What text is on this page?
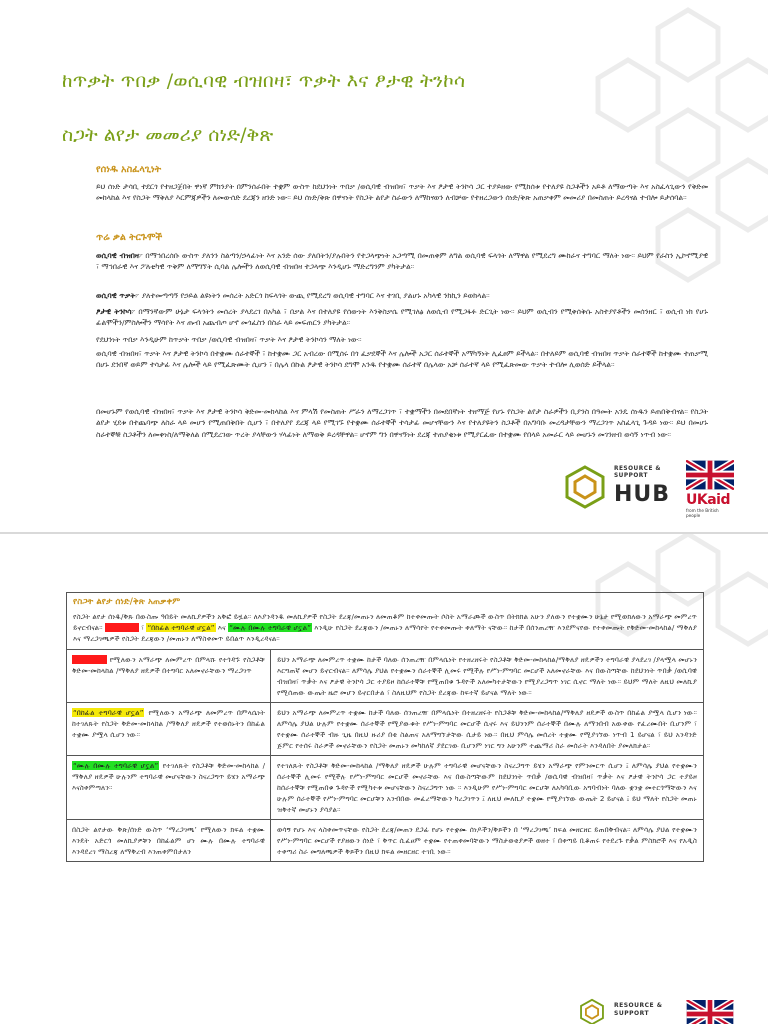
ከጥቃት ጥበቃ /ወሲባዊ ብዝበዛ፣ ጥቃት እና ፆታዊ ትንኮሳ
ስጋት ልየታ መመሪያ ሰነድ/ቅጽ
የሰነዱ አስፈላጊነት
ይህ ሰነድ ታሳቢ ተደርጎ የተዘጋጀበት ዋነኛ ምክንያት በምንሰራበት ተቋም ውስጥ ከደህንነት ጥበቃ /ወሲባዊ ብዝበዛ፣ ጥቃት እና ፆታዊ ትንኮሳ ጋር ተያይዘው የሚከሰቱ የተለያዩ ስጋቶችን አይቶ ለማውጣት እና አስፈላጊውን የቅድመ መከላከል እና የስጋት ማቅለያ እርምጃዎችን ለመውሰድ ደረጃን ዘንድ ነው። ይህ ሰነድ/ቅጽ በዋናነት የስጋት ልየታ ስራውን ለማከናወን ለብቻው የተዘረጋውን ሰነድ/ቅጽ አጠቃቀም መመሪያ በመስጠት ይረዳናል ተብሎ ይታሰባል።
ጥሬ ቃል ትርጉሞች
ወሲባዊ ብዝበዛ፦ በማኅበረሰቡ ውስጥ ያለንን ስልጣን/ኃላፊነት እና አንድ ሰው ያለበትን/ያሉበትን የተጋላጭነት አጋጣሚ በመጠቀም ለግል ወሲባዊ ፍላጎት ለማዋል የሚደረግ ሙከራና ተግባር ማለት ነው። ይህም የራስን ኢኮኖሚያዊ ፣ ማኅበራዊ እና ፖለቲካዊ ጥቅም ለማግኘት ሲባል ሌሎችን ለወሲባዊ ብዝበዛ ተጋላጭ እንዲሆኑ ማድረግንም ያካትታል።
ወሲባዊ ጥቃት፦ ያለተመጣጣኝ የኃይል ልዩነትን መሰረት አድርጎ ከፍላጎት ውጪ የሚደረግ ወሲባዊ ተግባር እና ተገቢ ያልሆኑ አካላዊ ንክኪን ይወክላል።
ፆታዊ ትንኮሳ፦ በማንኛውም ሁኔታ ፍላጎትን መሰረት ያላደረገ በአካል ፣ በቃል እና በተለያዩ የሰውነት እንቅስቃሴ የሚገለፅ ለወሲብ የሚጋፋፉ ድርጊት ነው። ይህም ወሲብን የሚቀሰቅሱ አስተያየቶችን መሰንዘር ፣ ወሲብ ነክ የሆኑ ፊልሞችን/ምስሎችን ማሳየት እና ጡብ አጨብጦ ሆኖ መጎፈስን በስራ ላይ መፍጠርን ያካትታል።
የደህንነት ጥበቃ እንዲሁም ከጥቃት ጥበቃ /ወሲባዊ ብዝበዛ፣ ጥቃት እና ፆታዊ ትንኮሳን ማለት ነው።
ወሲባዊ ብዝበዛ፣ ጥቃት እና ፆታዊ ትንኮሳ በተቋሙ ሰራተኞች ፣ ከተቋሙ ጋር አብረው በሚሰሩ በጎ ፈቃደኞች እና ሌሎች አጋር ሰራተኞች አማካኝነት ሊፈፀም ይችላል። በተለይም ወሲባዊ ብዝበዛ ጥቃት ሰራተኞች ከተቋሙ ተጠቃሚ በሆኑ ደንበኛ ወይም ተሳታፊ እና ሌሎች ላይ የሚፈጽሙት ሲሆን ፣ በሌላ በኩል ፆታዊ ትንኮሳ ደግሞ አንዱ የተቋሙ ሰራተኛ በሌላው አቻ ሰራተኛ ላይ የሚፈጽመው ጥቃት ተብሎ ሊወሰድ ይችላል።
በመሆኑም የወሲባዊ ብዝበዛ፣ ጥቃት እና ፆታዊ ትንኮሳ ቅድመ-መከላከል እና ምላሽ የመስጠት ሥራን ለማረጋገጥ ፣ ተቋማችን በመደበኛነት ተዘማጅ የሆኑ የስጋት ልየታ ስራዎችን ቢያንስ በዓመት አንዴ ሰነዱን ይጠበቅብናል። የስጋት ልየታ ሂደቱ በተጨባጭ ለስራ ላይ መሆን የሚጠበቅበት ሲሆን ፣ በተለያየ ደረጃ ላይ የሚገኙ የተቋሙ ሰራተኞች ተሳታፊ መሆናቸውን እና የተለያዩትን ስጋቶች በአግባቡ መረዳታቸውን ማረጋገጥ አስፈላጊ ጉዳይ ነው። ይህ በመሆኑ ስራተኞቹ ስጋቶችን ለመቀነስ/ለማቅለል በሚደረገው ጥረት ያላቸውን ሃላፊነት ለማወቅ ይረዳቸዋል። ሆኖም ግን በዋናኝነት ደረጃ ተጠያቂነቱ የሚያርፈው በተቋሙ የበላይ አመራር ላይ መሆኑን መገንዘብ ወሳኝ ነጥብ ነው።
RESOURCE & SUPPORT
HUB UKaid
from the British people
የስጋት ልየታ ሰነድ/ቅጽ አጠቃቀም
የስጋት ልየታ ሰነዱ/ቅጹ በውስጡ ዓበይት መለኪያዎችን አቅፎ ይዟል። ለእያንዳንዱ መለኪያዎች የስጋት ደረጃ/መጠኑን ለመጠቆም ከተቀመጡት ሶስት አማራጮች ውስጥ በትክክል አሁን ያለውን የተቋሙን ሁኔታ የሚወክለውን አማራጭ መምረጥ ይኖርብናል። ከፍተኛ ስጋት ፣ “በከፊል ተግባራዊ ሆኗል” እና “ሙሉ በሙሉ ተግባራዊ ሆኗል” እንዲሁ የስጋት ደረጃውን /መጠኑን ለማሳየት የተቀመጡት ቀለማት ናቸው። ከታች በሰንጠረዥ እንደምናየው የተቀመጡት የቅድመ-መከላከል/ ማቅለያ እና ማረጋገጫዎች የስጋት ደረጃውን /መጠኑን ለማስቀመጥ ይበልጥ እንዲረዳናል።
ከፍተኛ ስጋት የሚለውን አማራጭ ለመምረጥ በምላሹ የተጎዳኙ የስጋቶቹ ቅድመ-መከላከል /ማቅለያ ዘዴዎች በተግባር አለመኖራቸውን ማረጋገጥ
ይህን አማራጭ ለመምረጥ ተቋሙ ከታች ባለው ሰንጠረዥ በምላሴነት የተዘረዘሩት የስጋቶቹ ቅድመ-መከላከል/ማቅለያ ዘዴዎችን ተግባራዊ ያላደረገ /ያላሟላ መሆኑን እርግጠኛ መሆን ይኖርብናል። ለምሳሌ ያህል የተቋሙን ሰራተኞች ሊመሩ የሚችሉ የሥነ-ምግባር መርሆች አለመኖራቸው እና በውስጣቸው ከደህንነት ጥበቃ /ወሲባዊ ብዝበዛ፣ ጥቃት እና ፆታዊ ትንኮሳ ጋር ተያይዞ ከሰራተኞቹ የሚጠበቁ ጉዳዮች አለመካተታቸውን የሚያረጋግጥ ነገር ሲኖር ማለት ነው። ይህም ማለት ለዚህ መለኪያ የሚሰጠው ውጤት ዜሮ መሆን ይኖርበታል ፣ ስለዚህም የስጋት ደረጃው ከፍተኛ ይሆናል ማለት ነው።
“በከፊል ተግባራዊ ሆኗል” የሚለውን አማራጭ ለመምረጥ በምላሴነት ከተገለጹት የስጋት ቅድመ-መከላከል /ማቅለያ ዘዴዎች የተወሰኑትን በከፊል ተቋሙ ያሟላ ሲሆን ነው።
ይህን አማራጭ ለመምረጥ ተቋሙ ከታች ባለው ሰንጠረዥ በምላሴነት በተዘረዘሩት የስጋቶቹ ቅድመ-መከላከል/ማቅለያ ዘዴዎች ውስጥ በከፊል ያሟላ ሲሆን ነው። ለምሳሌ ያህል ሁሉም የተቋሙ ሰራተኞች የሚያውቁት የሥነ-ምግባር መርሆች ሲኖሩ እና ይህንንም ሰራተኞች በሙሉ ለማንበብ አውቀው የፈረሙበት ቢሆንም ፣ የተቋሙ ሰራተኞች ብዙ ጊዜ በዚህ ዙሪያ በቂ ስልጠና አለማግኘታቸው ሲታይ ነው። በዚህ ምሳሌ መሰረት ተቋሙ የሚያገኘው ነጥብ 1 ይሆናል ፣ ይህ አንዳንድ ጅምር የተሰሩ ስራዎች መኖራቸውን የስጋት መጠኑን መካከለኛ ያደርገው ቢሆንም ነገር ግን አሁንም ተጨማሪ ስራ መሰራት እንዳለበት ያመለክታል።
“ሙሉ በሙሉ ተግባራዊ ሆኗል” የተገለጹት የስጋቶቹ ቅድመ-መከላከል /ማቅለያ ዘዴዎች ሁሉንም ተግባራዊ መሆናቸውን ስናረጋግጥ ይሄን አማራጭ እናስቀምጣለን።
የተገለጹት የስጋቶቹ ቅድመ-መከላከል /ማቅለያ ዘዴዎች ሁሉም ተግባራዊ መሆናቸውን ስናረጋግጥ ይሄን አማራጭ የምንመርጥ ሲሆን ፤ ለምሳሌ ያህል የተቋሙን ሰራተኞች ሊመሩ የሚችሉ የሥነ-ምግባር መርሆች መኖራቸው እና በውስጣቸውም ከደህንነት ጥበቃ /ወሲባዊ ብዝበዛ፣ ጥቃት እና ፆታዊ ትንኮሳ ጋር ተያይዞ ከሰራተኞቹ የሚጠበቁ ጉዳዮች የሚካተቱ መሆናቸውን ስናረጋግጥ ነው ። እንዲሁም የሥነ-ምግባር መርሆቹ ለአካባቢው አግባብነት ባለው ቋንቋ መተርጎማቸውን እና ሁሉም ሰራተኞች የሥነ-ምግባር መርሆቹን አንብበው መፈረማቸውን ካረጋገጥን ፤ ለዚህ መለኪያ ተቋሙ የሚያገኘው ውጤት 2 ይሆናል ፤ ይህ ማለት የስጋት መጠኑ ዝቅተኛ መሆኑን ያሳያል።
በስጋት ልየታው ቅጽ/ሰነድ ውስጥ ‘ማረጋገጫ’ የሚለውን ክፍል ተቋሙ እንዴት አድርጎ መለኪያዎቹን በከፊልም ሆነ ሙሉ በሙሉ ተግባራዊ እንዳደረገ ማስረጃ ለማቅረብ እንጠቀምበታለን
ወሳኝ የሆኑ እና ላስቀመጥናቸው የስጋት ደረጃ/መጠን ደጋፊ የሆኑ የተቋሙ ሰነዶችን/ቅጾችን በ ‘ማረጋገጫ’ ክፍል መዘርዘር ይጠበቅብናል። ለምሳሌ ያህል የተቋሙን የሥነ-ምግባር መርሆች የያዘውን ሰነድ ፣ ቅጥር ሲፈፀም ተቋሙ የተጠቀመባቸውን ማስታወቂያዎች ወዘተ ፣ በቀጣይ ቢቆጠሩ የተደረጉ የቃል ምስክሮች እና የአዲስ ተቀጣሪ ስራ መግለጫዎች ቅጾችን በዚህ ክፍል መዘርዘር ተገቢ ነው።
RESOURCE & SUPPORT
